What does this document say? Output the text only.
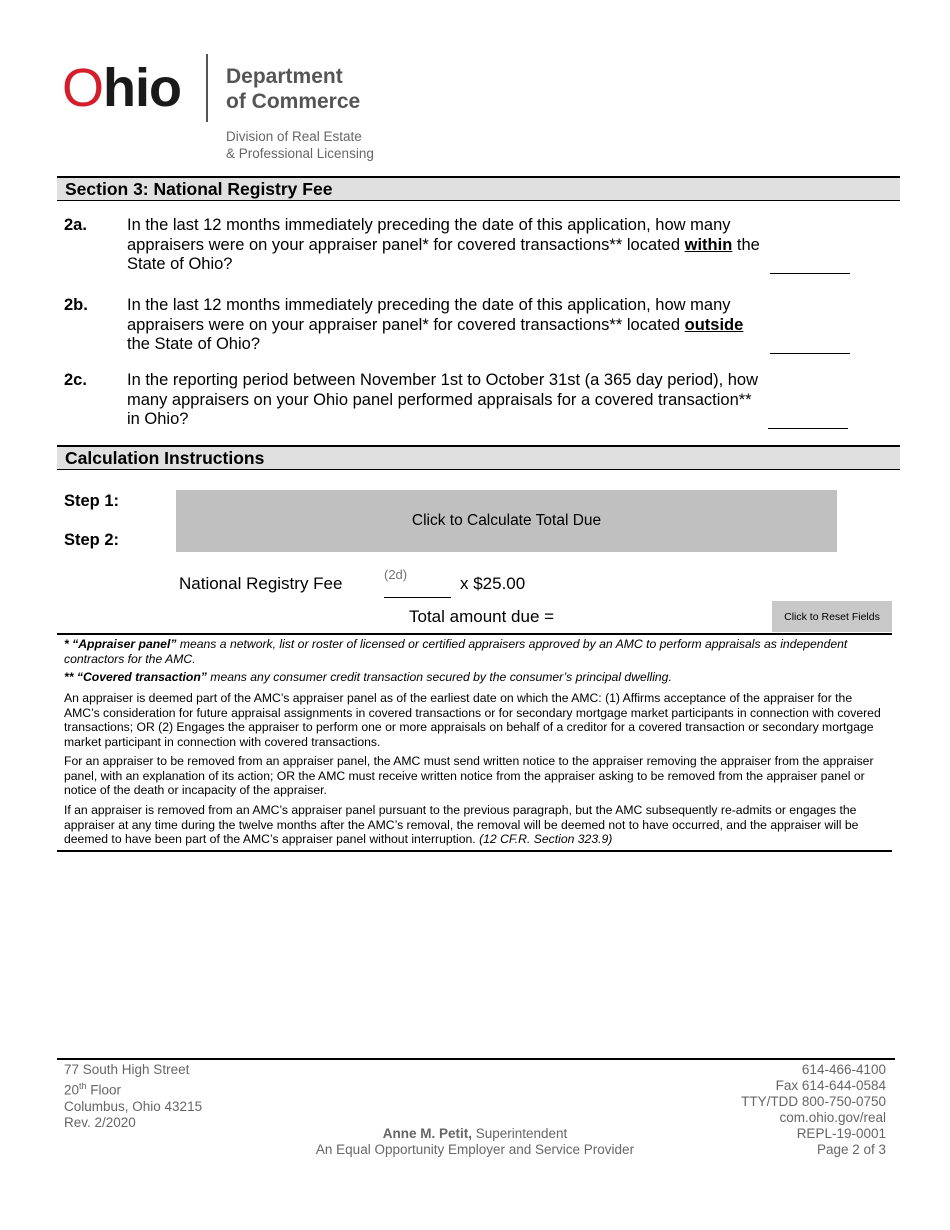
Ohio Department
of Commerce
Division of Real Estate
& Professional Licensing
Section 3: National Registry Fee
2a. In the last 12 months immediately preceding the date of this application, how many appraisers were on your appraiser panel* for covered transactions** located within the State of Ohio?
2b. In the last 12 months immediately preceding the date of this application, how many appraisers were on your appraiser panel* for covered transactions** located outside the State of Ohio?
2c. In the reporting period between November 1st to October 31st (a 365 day period), how many appraisers on your Ohio panel performed appraisals for a covered transaction** in Ohio?
Calculation Instructions
Step 1:
Step 2:
Click to Calculate Total Due
National Registry Fee
(2d)	x $25.00
Total amount due =	Click to Reset Fields
* “Appraiser panel” means a network, list or roster of licensed or certified appraisers approved by an AMC to perform appraisals as independent contractors for the AMC.
** “Covered transaction” means any consumer credit transaction secured by the consumer’s principal dwelling.
An appraiser is deemed part of the AMC’s appraiser panel as of the earliest date on which the AMC: (1) Affirms acceptance of the appraiser for the AMC’s consideration for future appraisal assignments in covered transactions or for secondary mortgage market participants in connection with covered transactions; OR (2) Engages the appraiser to perform one or more appraisals on behalf of a creditor for a covered transaction or secondary mortgage market participant in connection with covered transactions.
For an appraiser to be removed from an appraiser panel, the AMC must send written notice to the appraiser removing the appraiser from the appraiser panel, with an explanation of its action; OR the AMC must receive written notice from the appraiser asking to be removed from the appraiser panel or notice of the death or incapacity of the appraiser.
If an appraiser is removed from an AMC’s appraiser panel pursuant to the previous paragraph, but the AMC subsequently re-admits or engages the appraiser at any time during the twelve months after the AMC’s removal, the removal will be deemed not to have occurred, and the appraiser will be deemed to have been part of the AMC’s appraiser panel without interruption. (12 CF.R. Section 323.9)
77 South High Street
20th Floor
Columbus, Ohio 43215
Rev. 2/2020
Anne M. Petit, Superintendent
An Equal Opportunity Employer and Service Provider
614-466-4100
Fax 614-644-0584
TTY/TDD 800-750-0750
com.ohio.gov/real
REPL-19-0001
Page 2 of 3
